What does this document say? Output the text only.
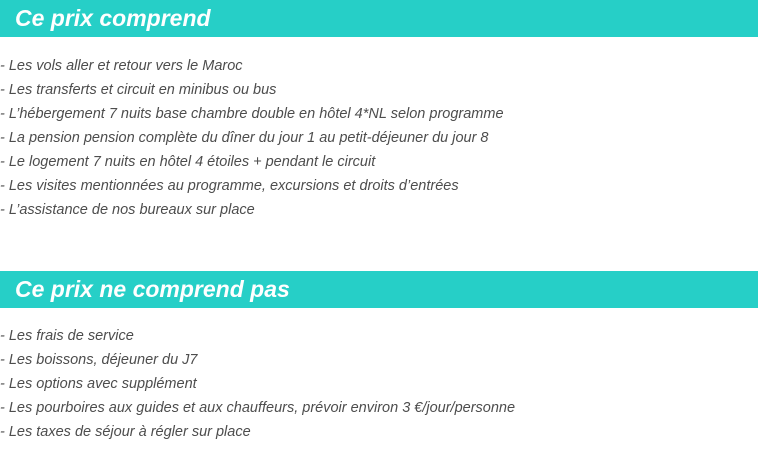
Ce prix comprend
- Les vols aller et retour vers le Maroc
- Les transferts et circuit en minibus ou bus
- L’hébergement 7 nuits base chambre double en hôtel 4*NL selon programme
- La pension pension complète du dîner du jour 1 au petit-déjeuner du jour 8
- Le logement 7 nuits en hôtel 4 étoiles + pendant le circuit
- Les visites mentionnées au programme, excursions et droits d’entrées
- L’assistance de nos bureaux sur place
Ce prix ne comprend pas
- Les frais de service
- Les boissons, déjeuner du J7
- Les options avec supplément
- Les pourboires aux guides et aux chauffeurs, prévoir environ 3 €/jour/personne
- Les taxes de séjour à régler sur place
